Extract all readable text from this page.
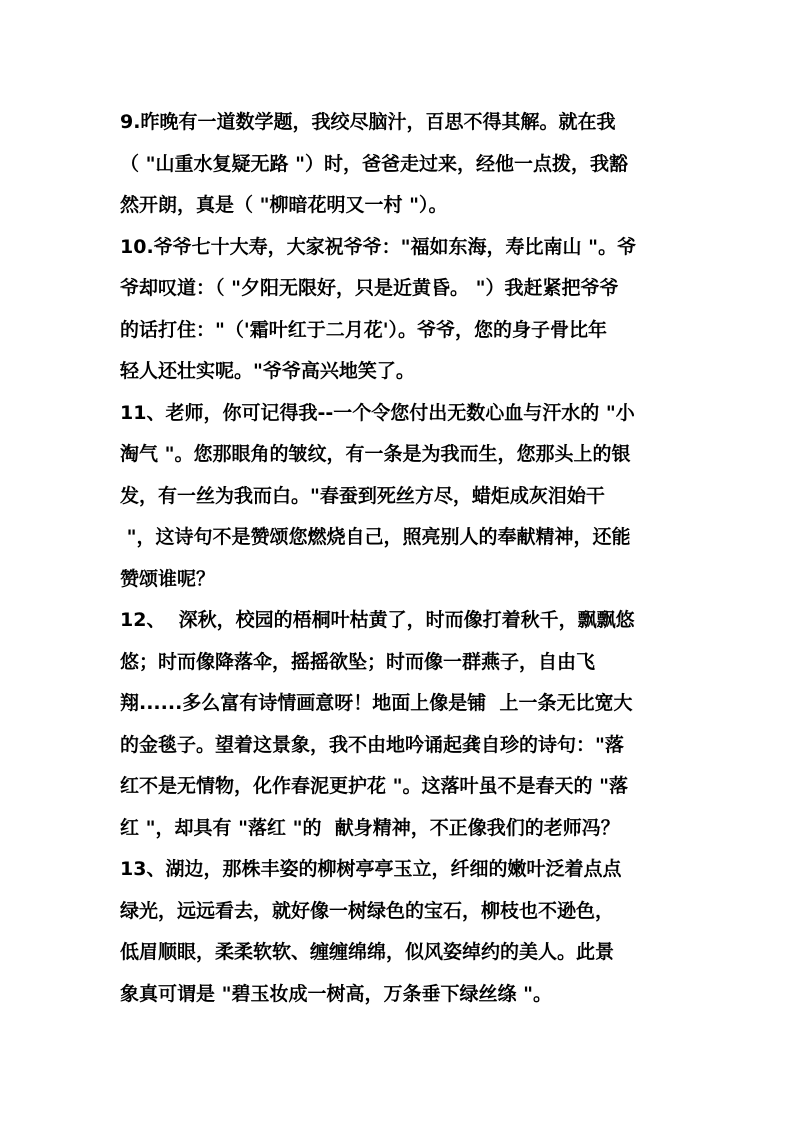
9.昨晚有一道数学题，我绞尽脑汁，百思不得其解。就在我
（ "山重水复疑无路 "）时，爸爸走过来，经他一点拨，我豁
然开朗，真是（ "柳暗花明又一村 "）。
10.爷爷七十大寿，大家祝爷爷："福如东海，寿比南山 "。爷
爷却叹道：（ "夕阳无限好，只是近黄昏。 "）我赶紧把爷爷
的话打住："（'霜叶红于二月花'）。爷爷，您的身子骨比年
轻人还壮实呢。"爷爷高兴地笑了。
11、老师，你可记得我--一个令您付出无数心血与汗水的 "小
淘气 "。您那眼角的皱纹，有一条是为我而生，您那头上的银
发，有一丝为我而白。"春蚕到死丝方尽，蜡炬成灰泪始干
"，这诗句不是赞颂您燃烧自己，照亮别人的奉献精神，还能
赞颂谁呢？
12、  深秋，校园的梧桐叶枯黄了，时而像打着秋千，飘飘悠
悠；时而像降落伞，摇摇欲坠；时而像一群燕子，自由飞
翔......多么富有诗情画意呀！地面上像是铺  上一条无比宽大
的金毯子。望着这景象，我不由地吟诵起龚自珍的诗句："落
红不是无情物，化作春泥更护花 "。这落叶虽不是春天的 "落
红 "，却具有 "落红 "的  献身精神，不正像我们的老师冯？
13、湖边，那株丰姿的柳树亭亭玉立，纤细的嫩叶泛着点点
绿光，远远看去，就好像一树绿色的宝石，柳枝也不逊色，
低眉顺眼，柔柔软软、缠缠绵绵，似风姿绰约的美人。此景
象真可谓是 "碧玉妆成一树高，万条垂下绿丝绦 "。
